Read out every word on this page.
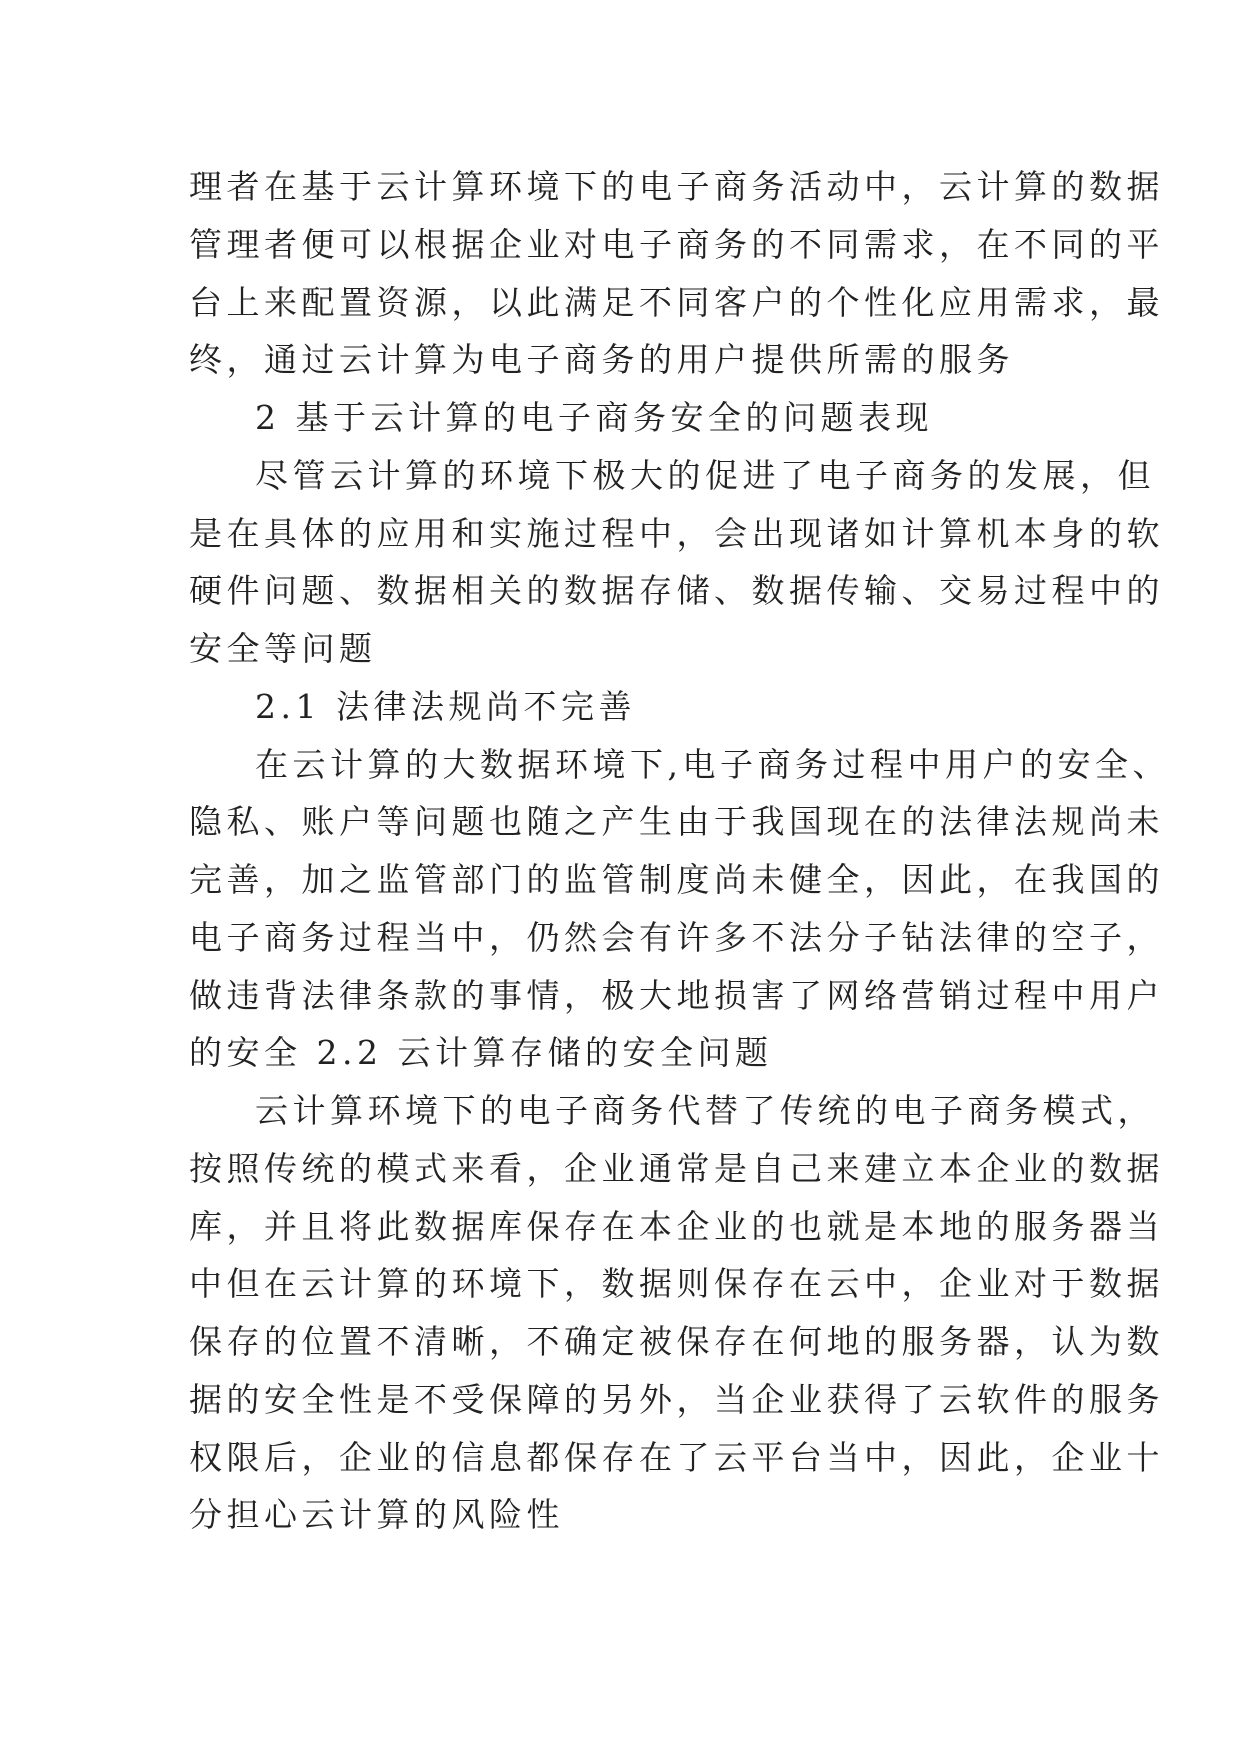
理者在基于云计算环境下的电子商务活动中，云计算的数据
管理者便可以根据企业对电子商务的不同需求，在不同的平
台上来配置资源，以此满足不同客户的个性化应用需求，最
终，通过云计算为电子商务的用户提供所需的服务
2 基于云计算的电子商务安全的问题表现
尽管云计算的环境下极大的促进了电子商务的发展，但
是在具体的应用和实施过程中，会出现诸如计算机本身的软
硬件问题、数据相关的数据存储、数据传输、交易过程中的
安全等问题
2.1 法律法规尚不完善
在云计算的大数据环境下,电子商务过程中用户的安全、
隐私、账户等问题也随之产生由于我国现在的法律法规尚未
完善，加之监管部门的监管制度尚未健全，因此，在我国的
电子商务过程当中，仍然会有许多不法分子钻法律的空子，
做违背法律条款的事情，极大地损害了网络营销过程中用户
的安全 2.2 云计算存储的安全问题
云计算环境下的电子商务代替了传统的电子商务模式，
按照传统的模式来看，企业通常是自己来建立本企业的数据
库，并且将此数据库保存在本企业的也就是本地的服务器当
中但在云计算的环境下，数据则保存在云中，企业对于数据
保存的位置不清晰，不确定被保存在何地的服务器，认为数
据的安全性是不受保障的另外，当企业获得了云软件的服务
权限后，企业的信息都保存在了云平台当中，因此，企业十
分担心云计算的风险性
